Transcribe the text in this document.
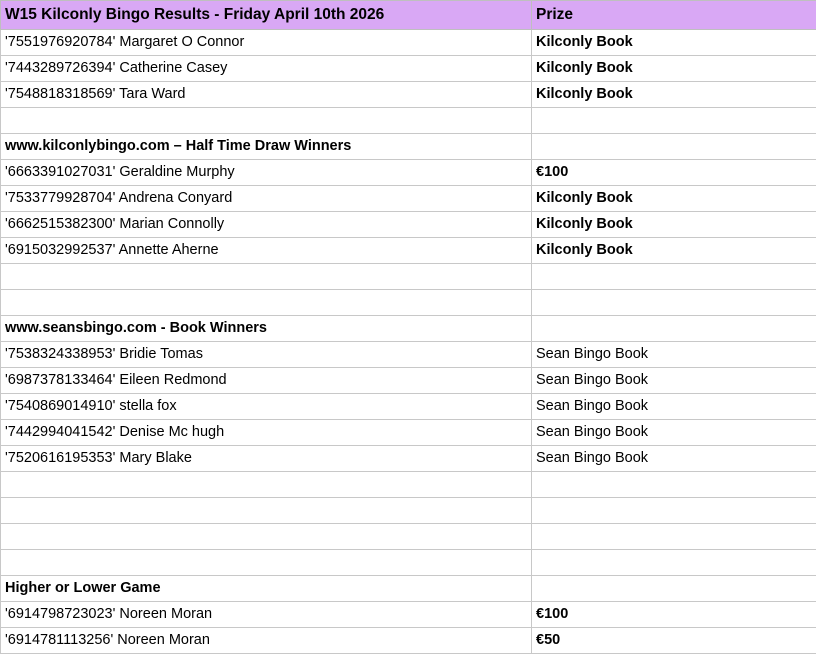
W15 Kilconly Bingo Results - Friday April 10th 2026	Prize
'7551976920784' Margaret O Connor	Kilconly Book
'7443289726394' Catherine Casey	Kilconly Book
'7548818318569' Tara Ward	Kilconly Book

www.kilconlybingo.com – Half Time Draw Winners	
'6663391027031' Geraldine Murphy	€100
'7533779928704' Andrena Conyard	Kilconly Book
'6662515382300' Marian Connolly	Kilconly Book
'6915032992537' Annette Aherne	Kilconly Book

www.seansbingo.com - Book Winners	
'7538324338953' Bridie Tomas	Sean Bingo Book
'6987378133464' Eileen Redmond	Sean Bingo Book
'7540869014910' stella fox	Sean Bingo Book
'7442994041542' Denise Mc hugh	Sean Bingo Book
'7520616195353' Mary Blake	Sean Bingo Book

Higher or Lower Game	
'6914798723023' Noreen Moran	€100
'6914781113256' Noreen Moran	€50
